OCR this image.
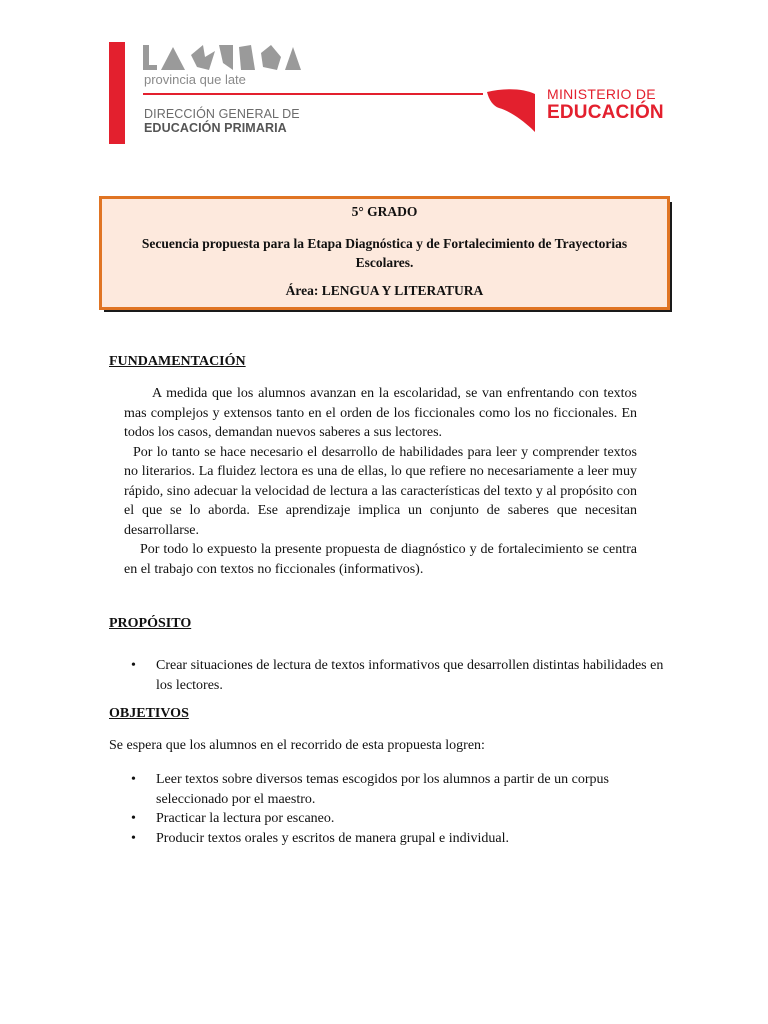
provincia que late
DIRECCIÓN GENERAL DE
EDUCACIÓN PRIMARIA
MINISTERIO DE
EDUCACIÓN
5° GRADO
Secuencia propuesta para la Etapa Diagnóstica y de Fortalecimiento de Trayectorias Escolares.
Área: LENGUA Y LITERATURA
FUNDAMENTACIÓN

A medida que los alumnos avanzan en la escolaridad, se van enfrentando con textos mas complejos y extensos tanto en el orden de los ficcionales como los no ficcionales. En todos los casos, demandan nuevos saberes a sus lectores.

Por lo tanto se hace necesario el desarrollo de habilidades para leer y comprender textos no literarios. La fluidez lectora es una de ellas, lo que refiere no necesariamente a leer muy rápido, sino adecuar la velocidad de lectura a las características del texto y al propósito con el que se lo aborda. Ese aprendizaje implica un conjunto de saberes que necesitan desarrollarse.

Por todo lo expuesto la presente propuesta de diagnóstico y de fortalecimiento se centra en el trabajo con textos no ficcionales (informativos).

PROPÓSITO
• Crear situaciones de lectura de textos informativos que desarrollen distintas habilidades en los lectores.
OBJETIVOS
Se espera que los alumnos en el recorrido de esta propuesta logren:
• Leer textos sobre diversos temas escogidos por los alumnos a partir de un corpus seleccionado por el maestro.
• Practicar la lectura por escaneo.
• Producir textos orales y escritos de manera grupal e individual.
